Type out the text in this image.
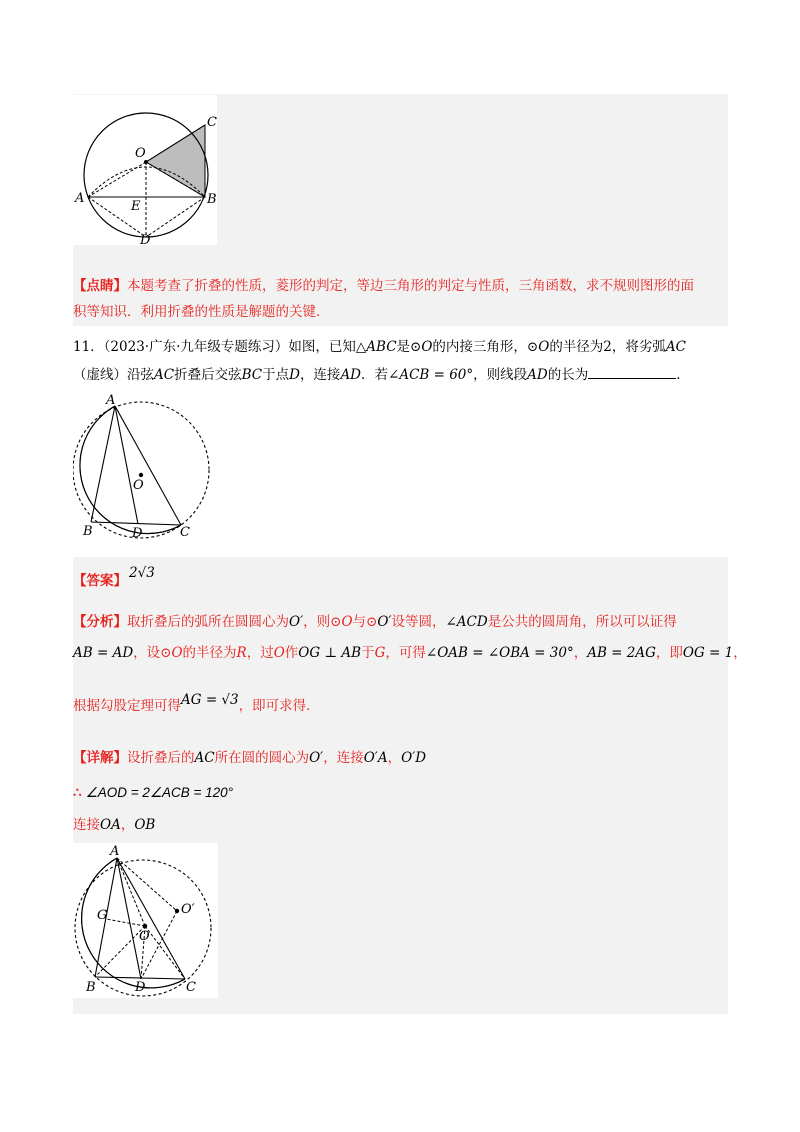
C
O
A	B
E
D
【点睛】本题考查了折叠的性质，菱形的判定，等边三角形的判定与性质，三角函数，求不规则图形的面
积等知识．利用折叠的性质是解题的关键．
11．（2023·广东·九年级专题练习）如图，已知△ABC是⊙O的内接三角形，⊙O的半径为2，将劣弧AC
（虚线）沿弦AC折叠后交弦BC于点D，连接AD．若∠ACB = 60°，则线段AD的长为	．
A
O
B	D	C
【答案】 2√3
【分析】取折叠后的弧所在圆圆心为O′，则⊙O与⊙O′设等圆，∠ACD是公共的圆周角，所以可以证得
AB = AD，设⊙O的半径为R，过O作OG ⊥ AB于G，可得∠OAB = ∠OBA = 30°，AB = 2AG，即OG = 1，
根据勾股定理可得AG = √3，即可求得．
【详解】设折叠后的AC所在圆的圆心为O′，连接O′A，O′D
∴ ∠AOD = 2∠ACB = 120°
连接OA，OB
A
O′
G
O
B	D	C
